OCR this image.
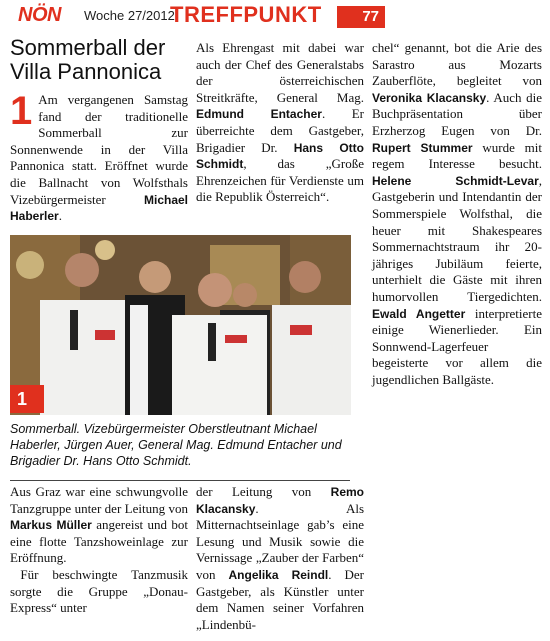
NÖN Woche 27/2012
TREFFPUNKT	77
Sommerball der Villa Pannonica
1 Am vergangenen Samstag fand der traditionelle Sommerball zur Sonnenwende in der Villa Pannonica statt. Eröffnet wurde die Ballnacht von Wolfsthals Vizebürgermeister Michael Haberler.

Als Ehrengast mit dabei war auch der Chef des Generalstabs der österreichischen Streitkräfte, General Mag. Edmund Entacher. Er überreichte dem Gastgeber, Brigadier Dr. Hans Otto Schmidt, das „Große Ehrenzeichen für Verdienste um die Republik Österreich“.

chel“ genannt, bot die Arie des Sarastro aus Mozarts Zauberflöte, begleitet von Veronika Klacansky. Auch die Buchpräsentation über Erzherzog Eugen von Dr. Rupert Stummer wurde mit regem Interesse besucht. Helene Schmidt-Levar, Gastgeberin und Intendantin der Sommerspiele Wolfsthal, die heuer mit Shakespeares Sommernachtstraum ihr 20-jähriges Jubiläum feierte, unterhielt die Gäste mit ihren humorvollen Tiergedichten. Ewald Angetter interpretierte einige Wienerlieder. Ein Sonnwend-Lagerfeuer begeisterte vor allem die jugendlichen Ballgäste.

1
Sommerball. Vizebürgermeister Oberstleutnant Michael Haberler, Jürgen Auer, General Mag. Edmund Entacher und Brigadier Dr. Hans Otto Schmidt.

Aus Graz war eine schwungvolle Tanzgruppe unter der Leitung von Markus Müller angereist und bot eine flotte Tanzshoweinlage zur Eröffnung.

Für beschwingte Tanzmusik sorgte die Gruppe „Donau-Express“ unter

der Leitung von Remo Klacansky. Als Mitternachtseinlage gab’s eine Lesung und Musik sowie die Vernissage „Zauber der Farben“ von Angelika Reindl. Der Gastgeber, als Künstler unter dem Namen seiner Vorfahren „Lindenbü-
